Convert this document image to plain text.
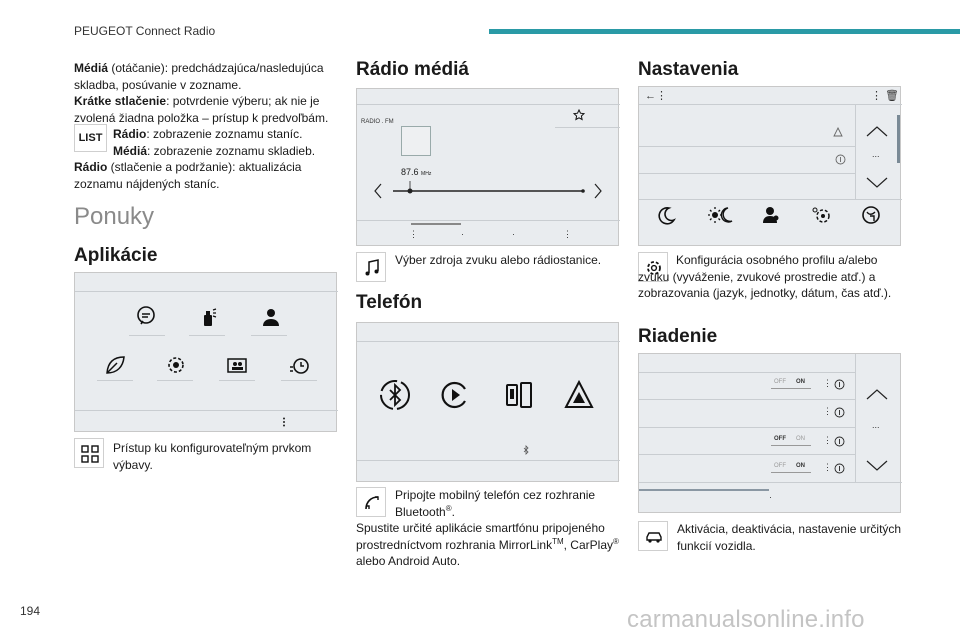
PEUGEOT Connect Radio

Médiá (otáčanie): predchádzajúca/nasledujúca skladba, posúvanie v zozname.

Krátke stlačenie: potvrdenie výberu; ak nie je zvolená žiadna položka – prístup k predvoľbám.

LIST Rádio: zobrazenie zoznamu staníc.

Médiá: zobrazenie zoznamu skladieb.

Rádio (stlačenie a podržanie): aktualizácia zoznamu nájdených staníc.

Ponuky
Aplikácie
Prístup ku konfigurovateľným prvkom výbavy.
Rádio médiá
RADIO . FM
87.6 MHz
⋮	·	·	⋮
Výber zdroja zvuku alebo rádiostanice.
Telefón
Pripojte mobilný telefón cez rozhranie Bluetooth®.
Spustite určité aplikácie smartfónu pripojeného prostredníctvom rozhrania MirrorLink™, CarPlay® alebo Android Auto.
Nastavenia
←⋮	⋮ 🗑
...
Konfigurácia osobného profilu a/alebo zvuku (vyváženie, zvukové prostredie atď.) a zobrazovania (jazyk, jednotky, dátum, čas atď.).
Riadenie
OFF ON ⋮
⋮
OFF ON ⋮
OFF ON ⋮
...
·
Aktivácia, deaktivácia, nastavenie určitých funkcií vozidla.
194	carmanualsonline.info
